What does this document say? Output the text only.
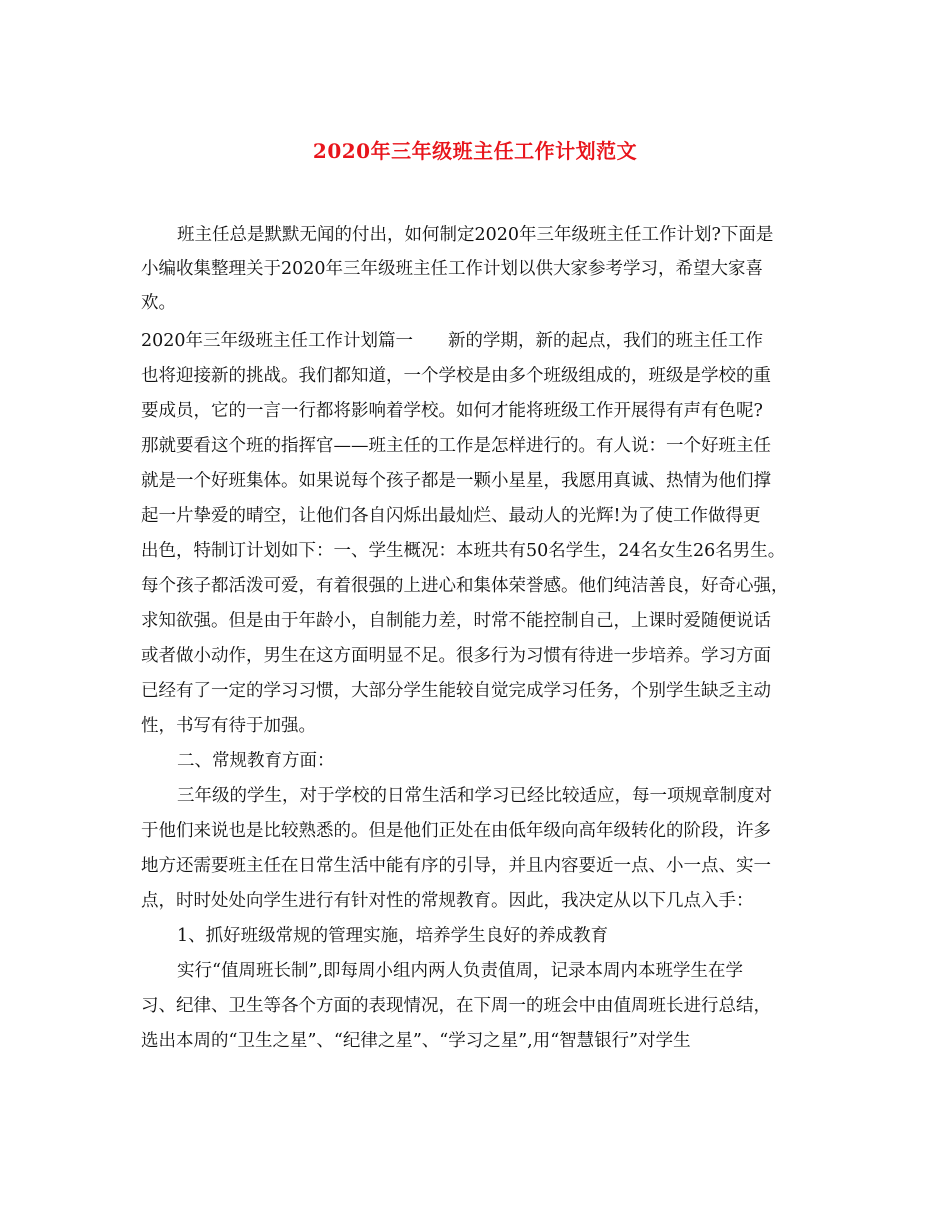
2020年三年级班主任工作计划范文
班主任总是默默无闻的付出，如何制定2020年三年级班主任工作计划?下面是
小编收集整理关于2020年三年级班主任工作计划以供大家参考学习，希望大家喜
欢。
2020年三年级班主任工作计划篇一　　新的学期，新的起点，我们的班主任工作
也将迎接新的挑战。我们都知道，一个学校是由多个班级组成的，班级是学校的重
要成员，它的一言一行都将影响着学校。如何才能将班级工作开展得有声有色呢?
那就要看这个班的指挥官——班主任的工作是怎样进行的。有人说：一个好班主任
就是一个好班集体。如果说每个孩子都是一颗小星星，我愿用真诚、热情为他们撑
起一片挚爱的晴空，让他们各自闪烁出最灿烂、最动人的光辉!为了使工作做得更
出色，特制订计划如下：一、学生概况：本班共有50名学生，24名女生26名男生。
每个孩子都活泼可爱，有着很强的上进心和集体荣誉感。他们纯洁善良，好奇心强，
求知欲强。但是由于年龄小，自制能力差，时常不能控制自己，上课时爱随便说话
或者做小动作，男生在这方面明显不足。很多行为习惯有待进一步培养。学习方面
已经有了一定的学习习惯，大部分学生能较自觉完成学习任务，个别学生缺乏主动
性，书写有待于加强。
二、常规教育方面：
三年级的学生，对于学校的日常生活和学习已经比较适应，每一项规章制度对
于他们来说也是比较熟悉的。但是他们正处在由低年级向高年级转化的阶段，许多
地方还需要班主任在日常生活中能有序的引导，并且内容要近一点、小一点、实一
点，时时处处向学生进行有针对性的常规教育。因此，我决定从以下几点入手：
1、抓好班级常规的管理实施，培养学生良好的养成教育
实行“值周班长制”,即每周小组内两人负责值周，记录本周内本班学生在学
习、纪律、卫生等各个方面的表现情况，在下周一的班会中由值周班长进行总结，
选出本周的“卫生之星”、“纪律之星”、“学习之星”,用“智慧银行”对学生
